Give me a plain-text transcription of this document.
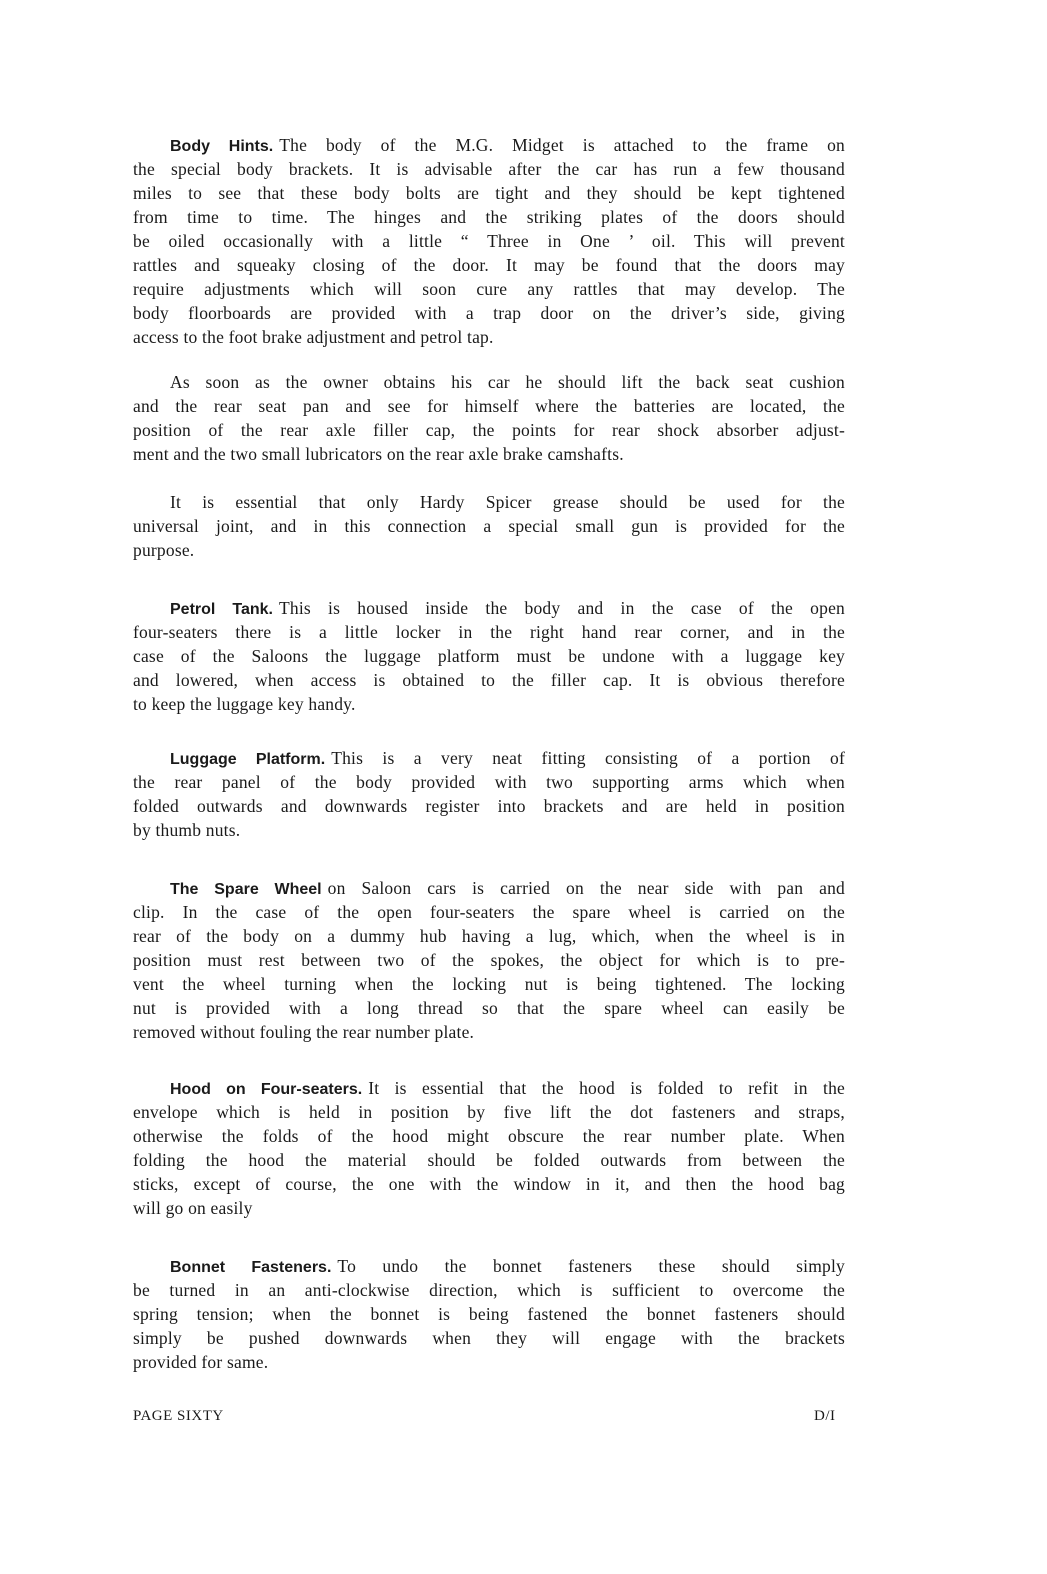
Body Hints. The body of the M.G. Midget is attached to the frame on
the special body brackets. It is advisable after the car has run a few thousand
miles to see that these body bolts are tight and they should be kept tightened
from time to time. The hinges and the striking plates of the doors should
be oiled occasionally with a little “ Three in One ’ oil. This will prevent
rattles and squeaky closing of the door. It may be found that the doors may
require adjustments which will soon cure any rattles that may develop. The
body floorboards are provided with a trap door on the driver’s side, giving
access to the foot brake adjustment and petrol tap.
As soon as the owner obtains his car he should lift the back seat cushion
and the rear seat pan and see for himself where the batteries are located, the
position of the rear axle filler cap, the points for rear shock absorber adjust-
ment and the two small lubricators on the rear axle brake camshafts.
It is essential that only Hardy Spicer grease should be used for the
universal joint, and in this connection a special small gun is provided for the
purpose.
Petrol Tank. This is housed inside the body and in the case of the open
four-seaters there is a little locker in the right hand rear corner, and in the
case of the Saloons the luggage platform must be undone with a luggage key
and lowered, when access is obtained to the filler cap. It is obvious therefore
to keep the luggage key handy.
Luggage Platform. This is a very neat fitting consisting of a portion of
the rear panel of the body provided with two supporting arms which when
folded outwards and downwards register into brackets and are held in position
by thumb nuts.
The Spare Wheel on Saloon cars is carried on the near side with pan and
clip. In the case of the open four-seaters the spare wheel is carried on the
rear of the body on a dummy hub having a lug, which, when the wheel is in
position must rest between two of the spokes, the object for which is to pre-
vent the wheel turning when the locking nut is being tightened. The locking
nut is provided with a long thread so that the spare wheel can easily be
removed without fouling the rear number plate.
Hood on Four-seaters. It is essential that the hood is folded to refit in the
envelope which is held in position by five lift the dot fasteners and straps,
otherwise the folds of the hood might obscure the rear number plate. When
folding the hood the material should be folded outwards from between the
sticks, except of course, the one with the window in it, and then the hood bag
will go on easily
Bonnet Fasteners. To undo the bonnet fasteners these should simply
be turned in an anti-clockwise direction, which is sufficient to overcome the
spring tension; when the bonnet is being fastened the bonnet fasteners should
simply be pushed downwards when they will engage with the brackets
provided for same.
PAGE SIXTY	D/I
